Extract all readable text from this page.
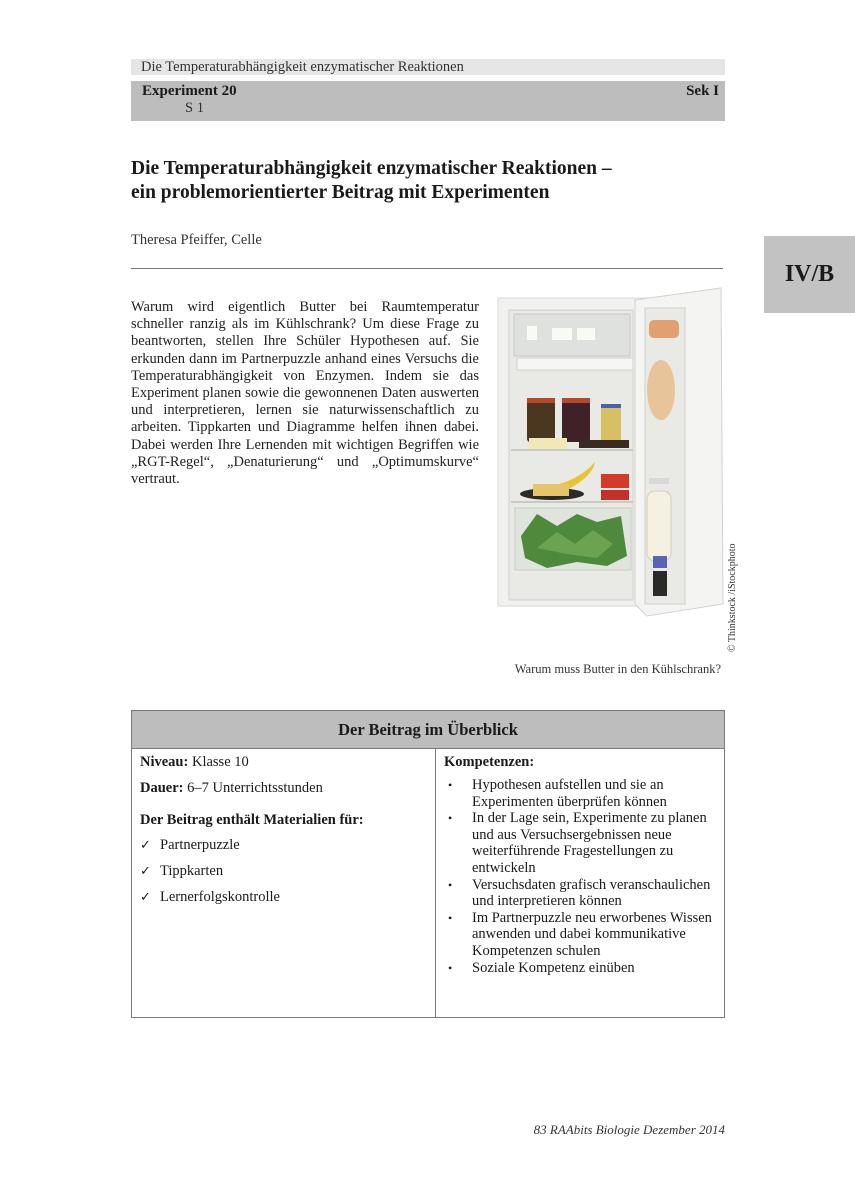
Die Temperaturabhängigkeit enzymatischer Reaktionen
Experiment 20
S 1
Sek I
IV/B
Die Temperaturabhängigkeit enzymatischer Reaktionen –
ein problemorientierter Beitrag mit Experimenten
Theresa Pfeiffer, Celle
Warum wird eigentlich Butter bei Raumtemperatur schneller ranzig als im Kühlschrank? Um diese Frage zu beantworten, stellen Ihre Schüler Hypothesen auf. Sie erkunden dann im Partnerpuzzle anhand eines Versuchs die Temperaturabhängigkeit von Enzymen. Indem sie das Experiment planen sowie die gewonnenen Daten auswerten und interpretieren, lernen sie naturwissenschaftlich zu arbeiten. Tippkarten und Diagramme helfen ihnen dabei. Dabei werden Ihre Lernenden mit wichtigen Begriffen wie „RGT-Regel“, „Denaturierung“ und „Optimumskurve“ vertraut.
© Thinkstock /iStockphoto
Warum muss Butter in den Kühlschrank?
Der Beitrag im Überblick
Niveau: Klasse 10
Dauer: 6–7 Unterrichtsstunden
Der Beitrag enthält Materialien für:
✓ Partnerpuzzle
✓ Tippkarten
✓ Lernerfolgskontrolle
Kompetenzen:
•	Hypothesen aufstellen und sie an Experimenten überprüfen können
•	In der Lage sein, Experimente zu planen und aus Versuchsergebnissen neue weiterführende Fragestellungen zu entwickeln
•	Versuchsdaten grafisch veranschaulichen und interpretieren können
•	Im Partnerpuzzle neu erworbenes Wissen anwenden und dabei kommunikative Kompetenzen schulen
•	Soziale Kompetenz einüben
83 RAAbits Biologie Dezember 2014
